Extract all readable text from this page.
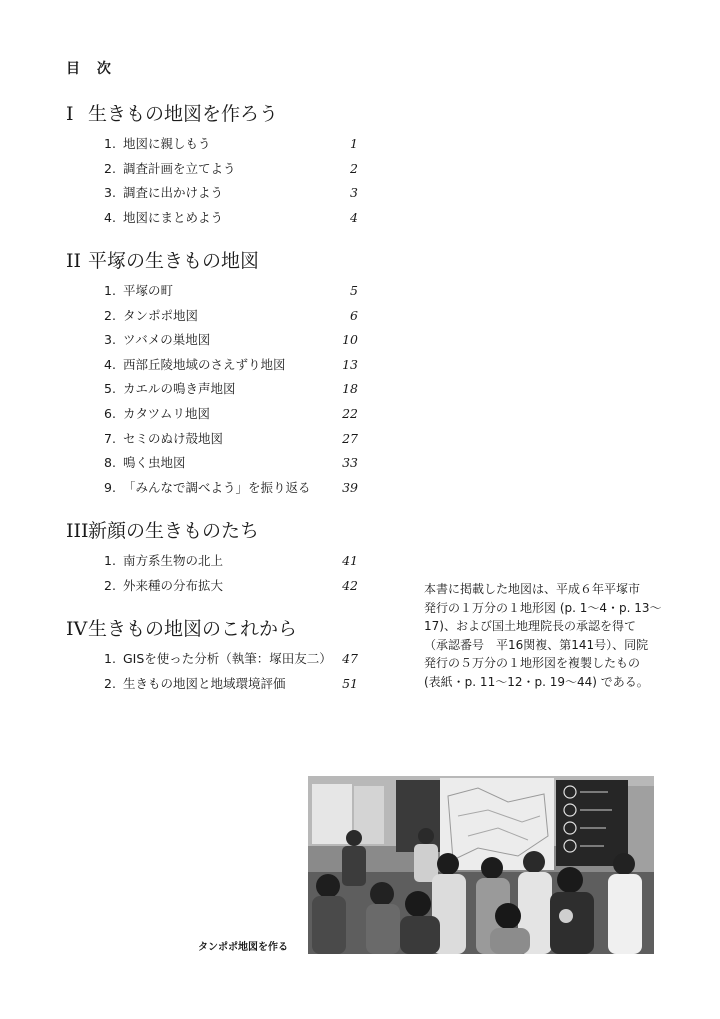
目 次
I 生きもの地図を作ろう
1. 地図に親しもう	1
2. 調査計画を立てよう	2
3. 調査に出かけよう	3
4. 地図にまとめよう	4
II 平塚の生きもの地図
1. 平塚の町	5
2. タンポポ地図	6
3. ツバメの巣地図	10
4. 西部丘陵地域のさえずり地図	13
5. カエルの鳴き声地図	18
6. カタツムリ地図	22
7. セミのぬけ殻地図	27
8. 鳴く虫地図	33
9. 「みんなで調べよう」を振り返る	39
III新顔の生きものたち
1. 南方系生物の北上	41
2. 外来種の分布拡大	42
IV生きもの地図のこれから
1. GISを使った分析（執筆：塚田友二） 47
2. 生きもの地図と地域環境評価	51

本書に掲載した地図は、平成６年平塚市

発行の１万分の１地形図 (p. 1〜4・p. 13〜

17)、および国土地理院長の承認を得て

（承認番号　平16関複、第141号）、同院

発行の５万分の１地形図を複製したもの

(表紙・p. 11〜12・p. 19〜44) である。

タンポポ地図を作る
